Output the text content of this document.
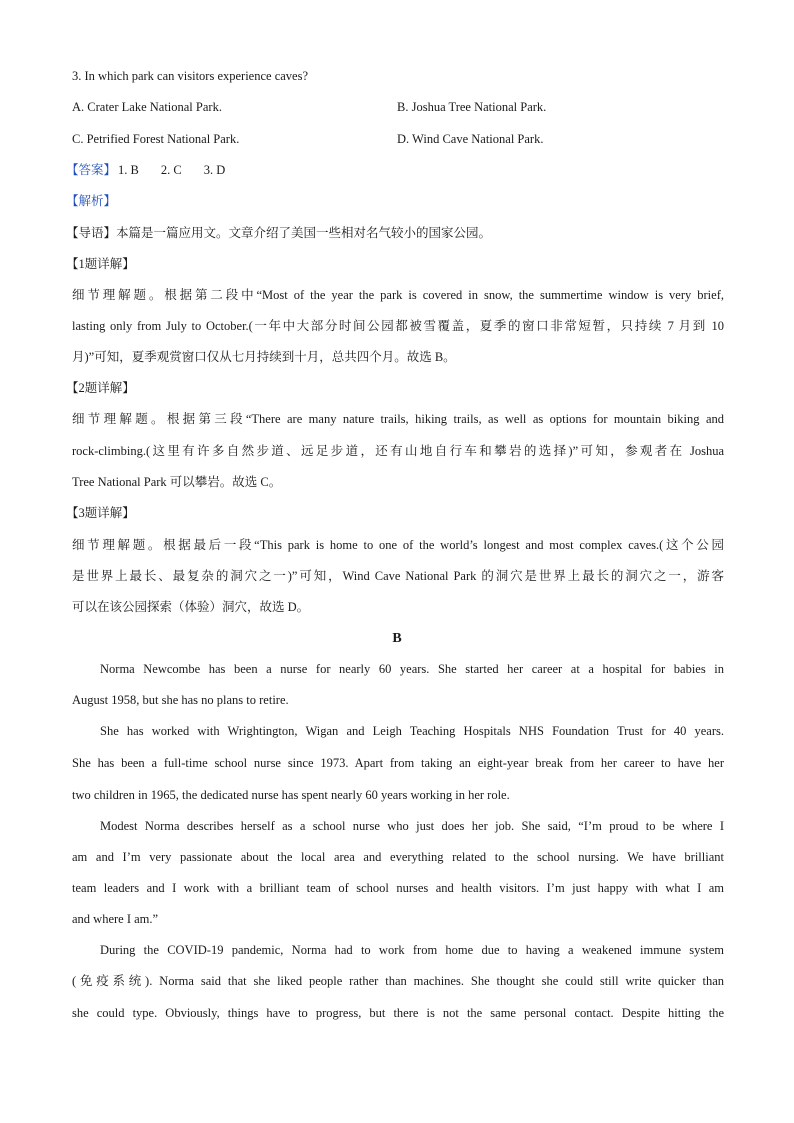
3. In which park can visitors experience caves?
A. Crater Lake National Park.	B. Joshua Tree National Park.
C. Petrified Forest National Park.	D. Wind Cave National Park.
【答案】 1. B 2. C 3. D
【解析】
【导语】本篇是一篇应用文。文章介绍了美国一些相对名气较小的国家公园。
【1题详解】
细节理解题。根据第二段中“Most of the year the park is covered in snow, the summertime window is very brief,
lasting only from July to October.(一年中大部分时间公园都被雪覆盖，夏季的窗口非常短暂，只持续 7 月到 10
月)”可知，夏季观赏窗口仅从七月持续到十月，总共四个月。故选 B。
【2题详解】
细节理解题。根据第三段“There are many nature trails, hiking trails, as well as options for mountain biking and
rock-climbing.(这里有许多自然步道、远足步道，还有山地自行车和攀岩的选择)”可知，参观者在 Joshua
Tree National Park 可以攀岩。故选 C。
【3题详解】
细节理解题。根据最后一段“This park is home to one of the world’s longest and most complex caves.(这个公园
是世界上最长、最复杂的洞穴之一)”可知，Wind Cave National Park 的洞穴是世界上最长的洞穴之一，游客
可以在该公园探索（体验）洞穴，故选 D。
B
Norma Newcombe has been a nurse for nearly 60 years. She started her career at a hospital for babies in
August 1958, but she has no plans to retire.
She has worked with Wrightington, Wigan and Leigh Teaching Hospitals NHS Foundation Trust for 40 years.
She has been a full-time school nurse since 1973. Apart from taking an eight-year break from her career to have her
two children in 1965, the dedicated nurse has spent nearly 60 years working in her role.
Modest Norma describes herself as a school nurse who just does her job. She said, “I’m proud to be where I
am and I’m very passionate about the local area and everything related to the school nursing. We have brilliant
team leaders and I work with a brilliant team of school nurses and health visitors. I’m just happy with what I am
and where I am.”
During the COVID-19 pandemic, Norma had to work from home due to having a weakened immune system
(免疫系统). Norma said that she liked people rather than machines. She thought she could still write quicker than
she could type. Obviously, things have to progress, but there is not the same personal contact. Despite hitting the
